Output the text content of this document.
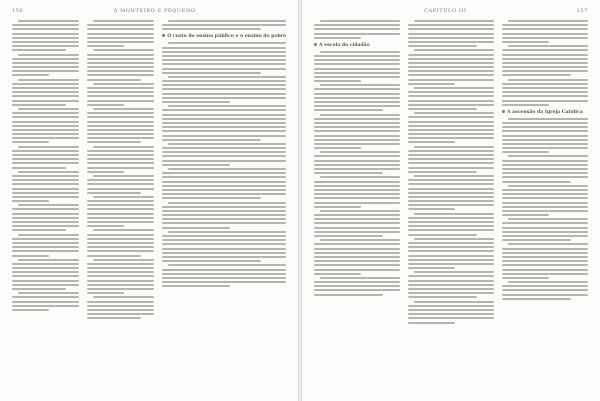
156	A MONTEIRO E PEQUENO
O custo do ensino público e o ensino do pobre
CAPÍTULO III	157
A escola do cidadão
A ascensão da Igreja Católica
